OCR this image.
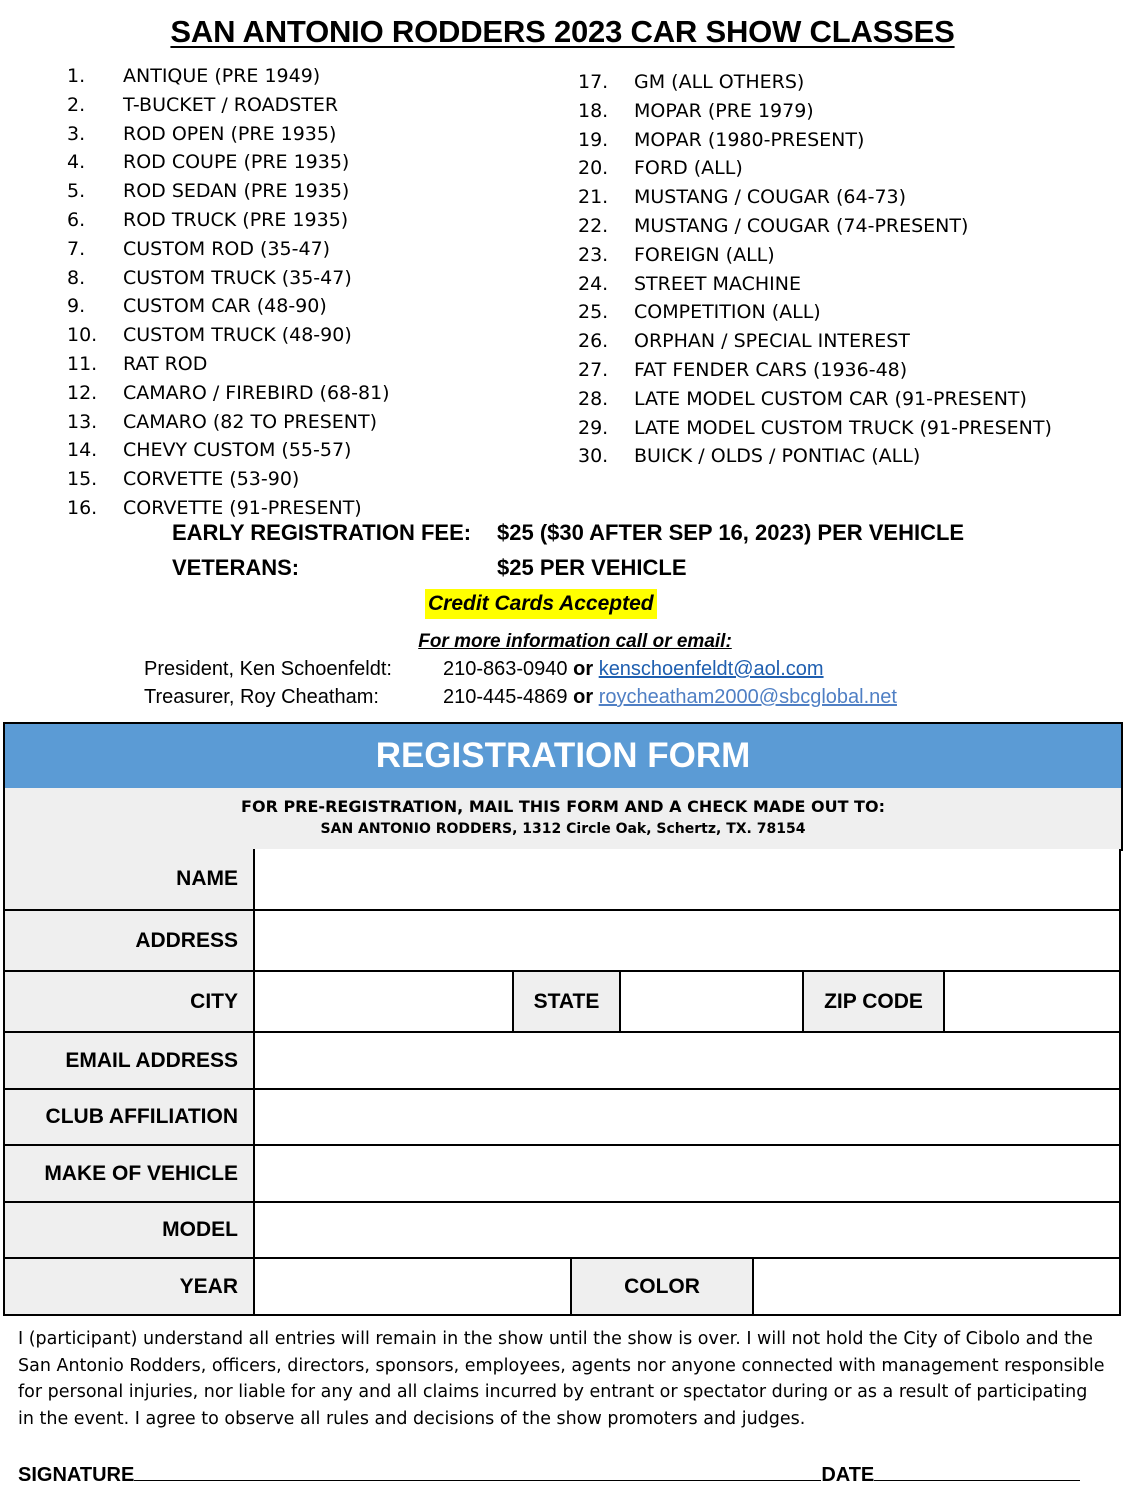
SAN ANTONIO RODDERS 2023 CAR SHOW CLASSES
1. ANTIQUE (PRE 1949)
2. T-BUCKET / ROADSTER
3. ROD OPEN (PRE 1935)
4. ROD COUPE (PRE 1935)
5. ROD SEDAN (PRE 1935)
6. ROD TRUCK (PRE 1935)
7. CUSTOM ROD (35-47)
8. CUSTOM TRUCK (35-47)
9. CUSTOM CAR (48-90)
10. CUSTOM TRUCK (48-90)
11. RAT ROD
12. CAMARO / FIREBIRD (68-81)
13. CAMARO (82 TO PRESENT)
14. CHEVY CUSTOM (55-57)
15. CORVETTE (53-90)
16. CORVETTE (91-PRESENT)
17. GM (ALL OTHERS)
18. MOPAR (PRE 1979)
19. MOPAR (1980-PRESENT)
20. FORD (ALL)
21. MUSTANG / COUGAR (64-73)
22. MUSTANG / COUGAR (74-PRESENT)
23. FOREIGN (ALL)
24. STREET MACHINE
25. COMPETITION (ALL)
26. ORPHAN / SPECIAL INTEREST
27. FAT FENDER CARS (1936-48)
28. LATE MODEL CUSTOM CAR (91-PRESENT)
29. LATE MODEL CUSTOM TRUCK (91-PRESENT)
30. BUICK / OLDS / PONTIAC (ALL)
EARLY REGISTRATION FEE: $25 ($30 AFTER SEP 16, 2023) PER VEHICLE
VETERANS:	$25 PER VEHICLE
Credit Cards Accepted
For more information call or email:
President, Ken Schoenfeldt:	210-863-0940 or kenschoenfeldt@aol.com
Treasurer, Roy Cheatham:	210-445-4869 or roycheatham2000@sbcglobal.net
REGISTRATION FORM
FOR PRE-REGISTRATION, MAIL THIS FORM AND A CHECK MADE OUT TO:
SAN ANTONIO RODDERS, 1312 Circle Oak, Schertz, TX. 78154
NAME
ADDRESS
CITY	STATE	ZIP CODE
EMAIL ADDRESS
CLUB AFFILIATION
MAKE OF VEHICLE
MODEL
YEAR	COLOR
I (participant) understand all entries will remain in the show until the show is over. I will not hold the City of Cibolo and the San Antonio Rodders, officers, directors, sponsors, employees, agents nor anyone connected with management responsible for personal injuries, nor liable for any and all claims incurred by entrant or spectator during or as a result of participating in the event. I agree to observe all rules and decisions of the show promoters and judges.
SIGNATURE	DATE
